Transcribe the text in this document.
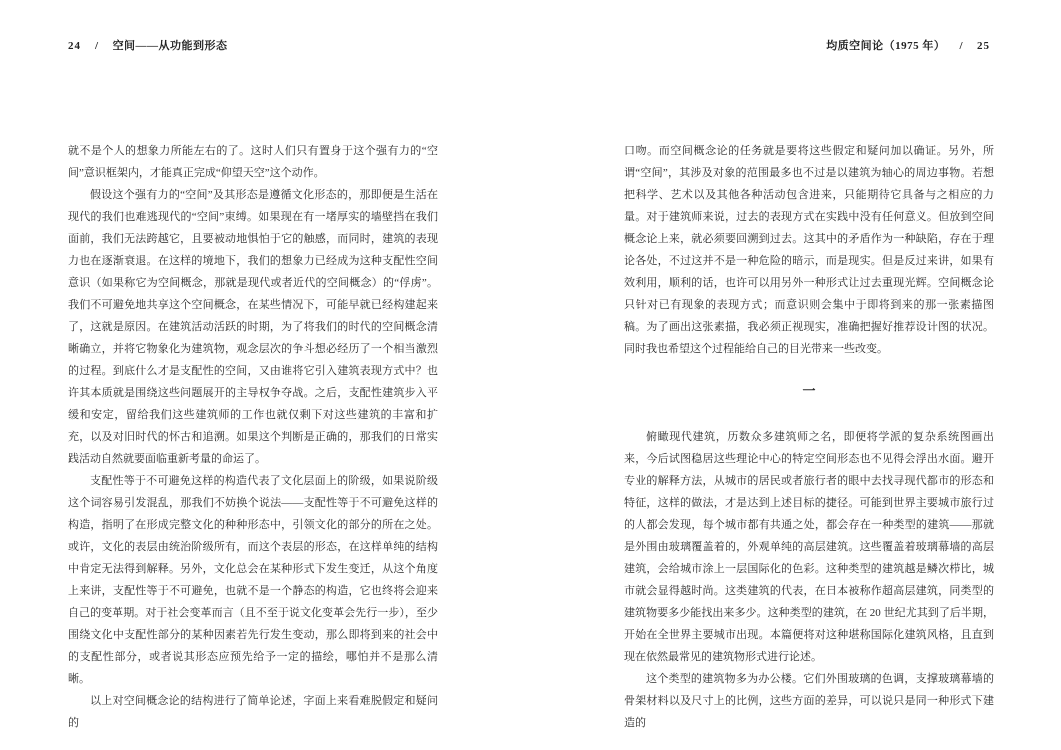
24 / 空间——从功能到形态	均质空间论（1975 年） / 25

就不是个人的想象力所能左右的了。这时人们只有置身于这个强有力的“空间”意识框架内，才能真正完成“仰望天空”这个动作。

假设这个强有力的“空间”及其形态是遵循文化形态的，那即便是生活在现代的我们也难逃现代的“空间”束缚。如果现在有一堵厚实的墙壁挡在我们面前，我们无法跨越它，且要被动地惧怕于它的触感，而同时，建筑的表现力也在逐渐衰退。在这样的境地下，我们的想象力已经成为这种支配性空间意识（如果称它为空间概念，那就是现代或者近代的空间概念）的“俘虏”。我们不可避免地共享这个空间概念，在某些情况下，可能早就已经构建起来了，这就是原因。在建筑活动活跃的时期，为了将我们的时代的空间概念清晰确立，并将它物象化为建筑物，观念层次的争斗想必经历了一个相当激烈的过程。到底什么才是支配性的空间，又由谁将它引入建筑表现方式中？也许其本质就是围绕这些问题展开的主导权争夺战。之后，支配性建筑步入平缓和安定，留给我们这些建筑师的工作也就仅剩下对这些建筑的丰富和扩充，以及对旧时代的怀古和追溯。如果这个判断是正确的，那我们的日常实践活动自然就要面临重新考量的命运了。

支配性等于不可避免这样的构造代表了文化层面上的阶级，如果说阶级这个词容易引发混乱，那我们不妨换个说法——支配性等于不可避免这样的构造，指明了在形成完整文化的种种形态中，引领文化的部分的所在之处。或许，文化的表层由统治阶级所有，而这个表层的形态，在这样单纯的结构中肯定无法得到解释。另外，文化总会在某种形式下发生变迁，从这个角度上来讲，支配性等于不可避免，也就不是一个静态的构造，它也终将会迎来自己的变革期。对于社会变革而言（且不至于说文化变革会先行一步），至少围绕文化中支配性部分的某种因素若先行发生变动，那么即将到来的社会中的支配性部分，或者说其形态应预先给予一定的描绘，哪怕并不是那么清晰。

以上对空间概念论的结构进行了简单论述，字面上来看难脱假定和疑问的

口吻。而空间概念论的任务就是要将这些假定和疑问加以确证。另外，所谓“空间”，其涉及对象的范围最多也不过是以建筑为轴心的周边事物。若想把科学、艺术以及其他各种活动包含进来，只能期待它具备与之相应的力量。对于建筑师来说，过去的表现方式在实践中没有任何意义。但放到空间概念论上来，就必须要回溯到过去。这其中的矛盾作为一种缺陷，存在于理论各处，不过这并不是一种危险的暗示，而是现实。但是反过来讲，如果有效利用，顺利的话，也许可以用另外一种形式让过去重现光辉。空间概念论只针对已有现象的表现方式；而意识则会集中于即将到来的那一张素描图稿。为了画出这张素描，我必须正视现实，准确把握好推荐设计图的状况。同时我也希望这个过程能给自己的目光带来一些改变。

一

俯瞰现代建筑，历数众多建筑师之名，即便将学派的复杂系统图画出来，今后试图稳居这些理论中心的特定空间形态也不见得会浮出水面。避开专业的解释方法，从城市的居民或者旅行者的眼中去找寻现代都市的形态和特征，这样的做法，才是达到上述目标的捷径。可能到世界主要城市旅行过的人都会发现，每个城市都有共通之处，都会存在一种类型的建筑——那就是外围由玻璃覆盖着的，外观单纯的高层建筑。这些覆盖着玻璃幕墙的高层建筑，会给城市涂上一层国际化的色彩。这种类型的建筑越是鳞次栉比，城市就会显得越时尚。这类建筑的代表，在日本被称作超高层建筑，同类型的建筑物要多少能找出来多少。这种类型的建筑，在 20 世纪尤其到了后半期，开始在全世界主要城市出现。本篇便将对这种堪称国际化建筑风格，且直到现在依然最常见的建筑物形式进行论述。

这个类型的建筑物多为办公楼。它们外围玻璃的色调，支撑玻璃幕墙的骨架材料以及尺寸上的比例，这些方面的差异，可以说只是同一种形式下建造的
